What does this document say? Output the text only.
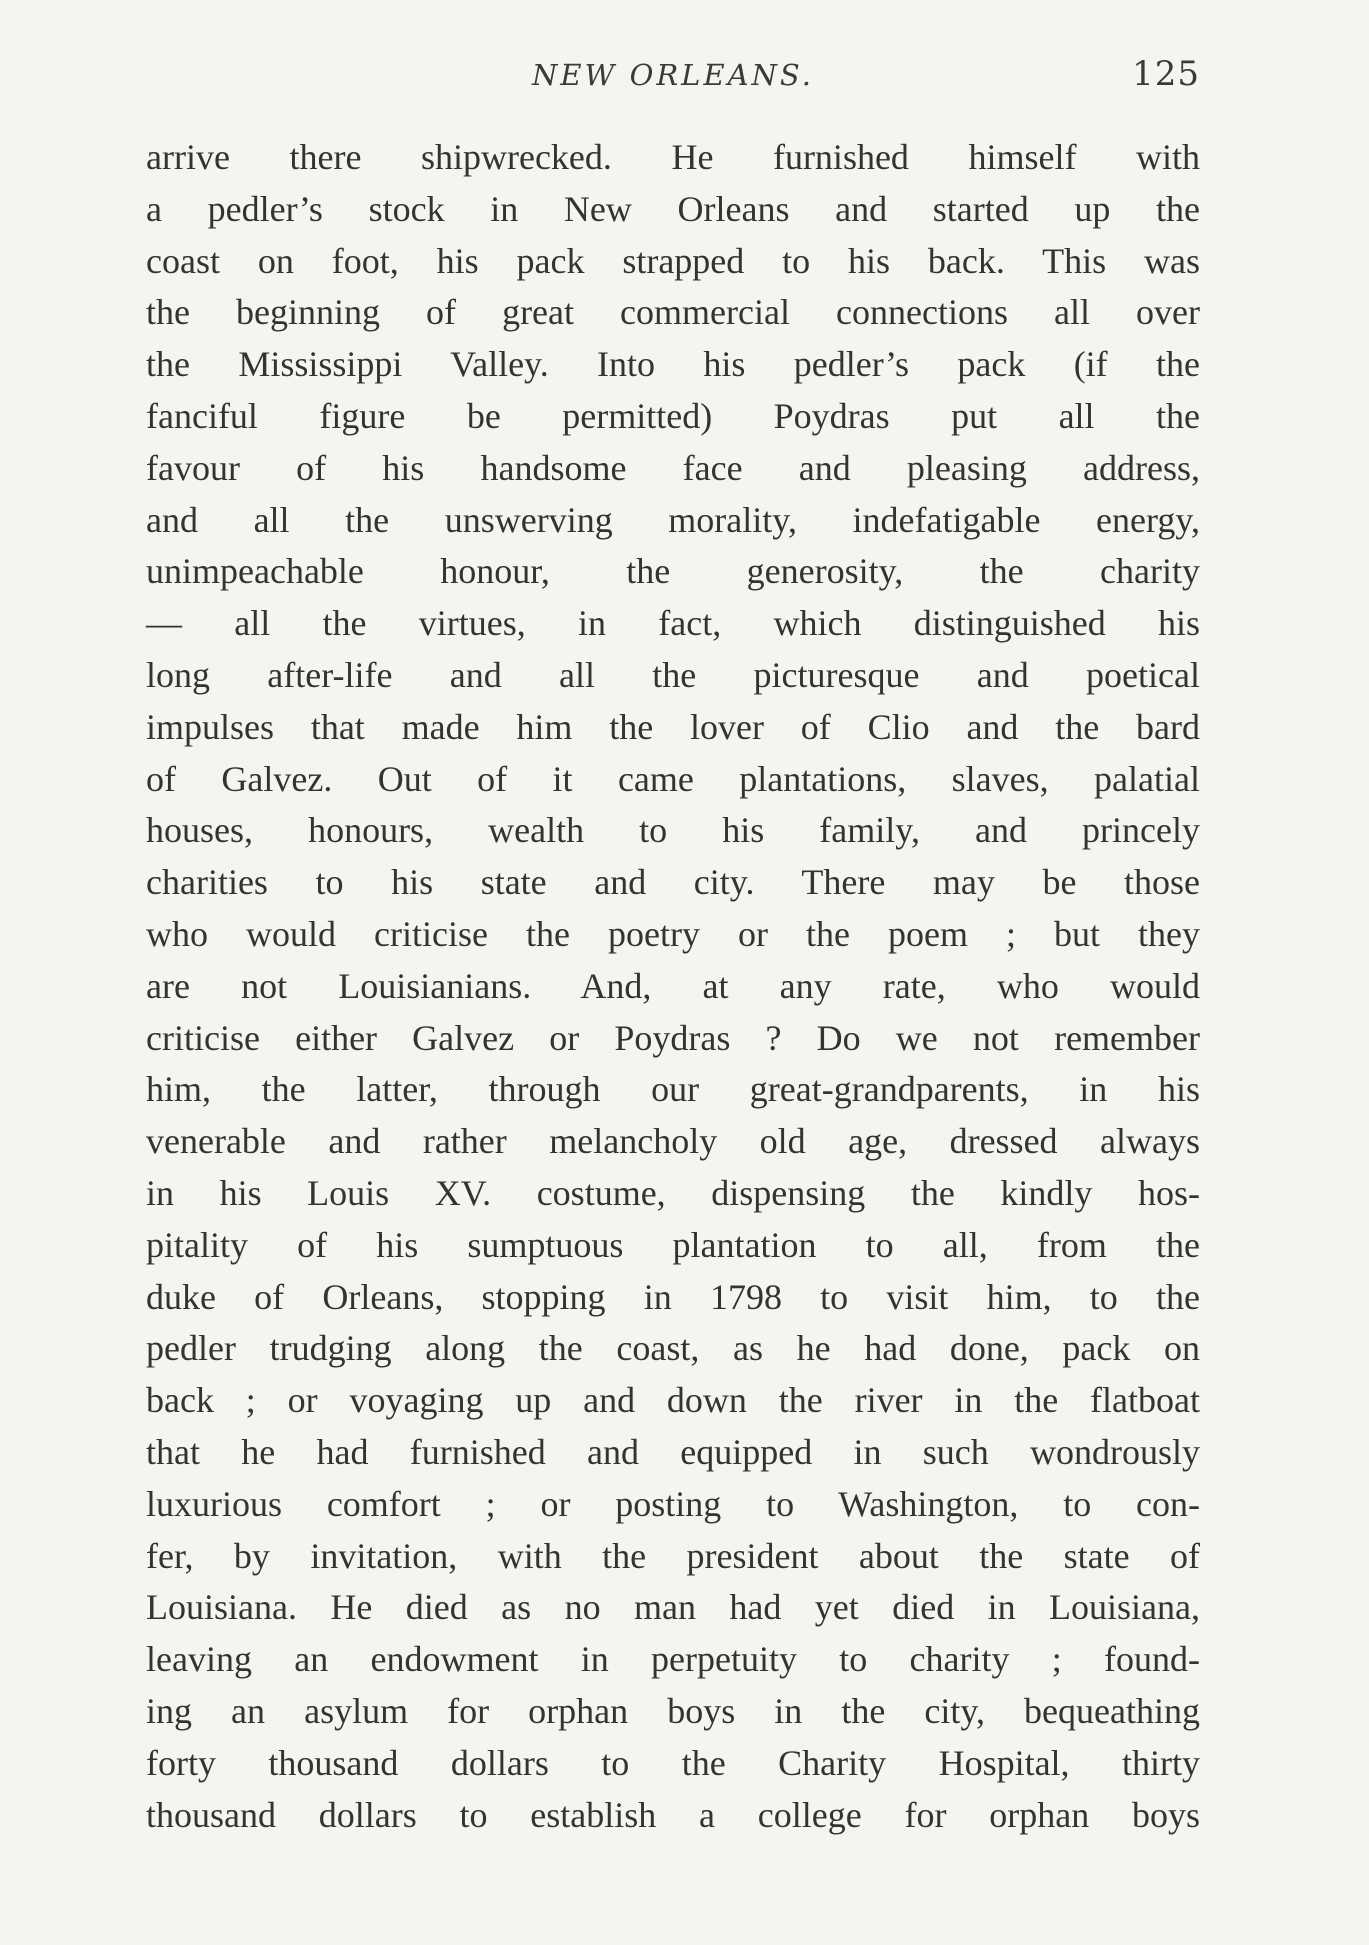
NEW ORLEANS.	125
arrive there shipwrecked. He furnished himself with
a pedler’s stock in New Orleans and started up the
coast on foot, his pack strapped to his back. This was
the beginning of great commercial connections all over
the Mississippi Valley. Into his pedler’s pack (if the
fanciful figure be permitted) Poydras put all the
favour of his handsome face and pleasing address,
and all the unswerving morality, indefatigable energy,
unimpeachable honour, the generosity, the charity
— all the virtues, in fact, which distinguished his
long after-life and all the picturesque and poetical
impulses that made him the lover of Clio and the bard
of Galvez. Out of it came plantations, slaves, palatial
houses, honours, wealth to his family, and princely
charities to his state and city. There may be those
who would criticise the poetry or the poem ; but they
are not Louisianians. And, at any rate, who would
criticise either Galvez or Poydras ? Do we not remember
him, the latter, through our great-grandparents, in his
venerable and rather melancholy old age, dressed always
in his Louis XV. costume, dispensing the kindly hos-
pitality of his sumptuous plantation to all, from the
duke of Orleans, stopping in 1798 to visit him, to the
pedler trudging along the coast, as he had done, pack on
back ; or voyaging up and down the river in the flatboat
that he had furnished and equipped in such wondrously
luxurious comfort ; or posting to Washington, to con-
fer, by invitation, with the president about the state of
Louisiana. He died as no man had yet died in Louisiana,
leaving an endowment in perpetuity to charity ; found-
ing an asylum for orphan boys in the city, bequeathing
forty thousand dollars to the Charity Hospital, thirty
thousand dollars to establish a college for orphan boys
